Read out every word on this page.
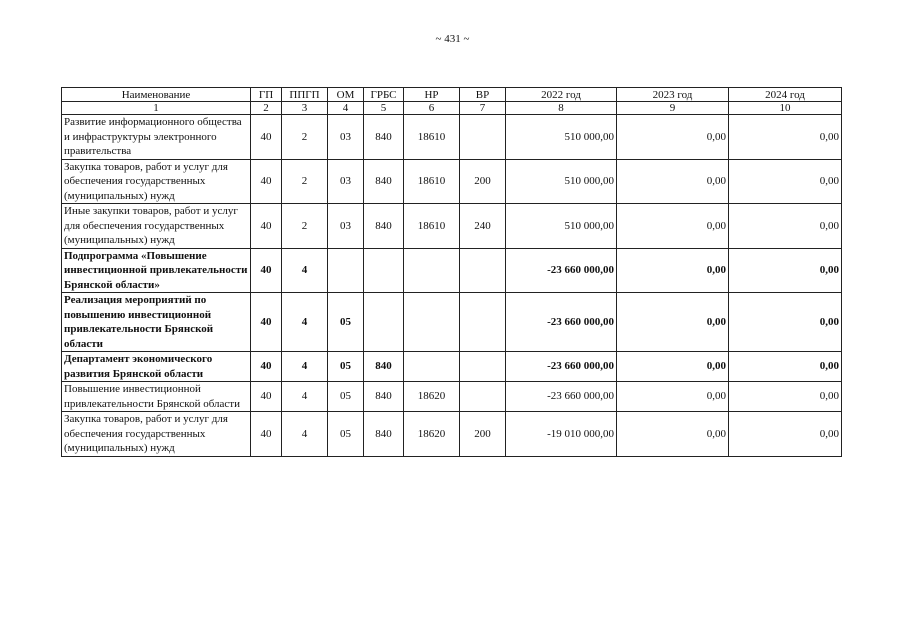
~ 431 ~
Наименование	ГП	ППГП	ОМ	ГРБС	НР	ВР	2022 год	2023 год	2024 год
1	2	3	4	5	6	7	8	9	10
Развитие информационного общества и инфраструктуры электронного правительства	40	2	03	840	18610		510 000,00	0,00	0,00
Закупка товаров, работ и услуг для обеспечения государственных (муниципальных) нужд	40	2	03	840	18610	200	510 000,00	0,00	0,00
Иные закупки товаров, работ и услуг для обеспечения государственных (муниципальных) нужд	40	2	03	840	18610	240	510 000,00	0,00	0,00
Подпрограмма «Повышение инвестиционной привлекательности Брянской области»	40	4					-23 660 000,00	0,00	0,00
Реализация мероприятий по повышению инвестиционной привлекательности Брянской области	40	4	05				-23 660 000,00	0,00	0,00
Департамент экономического развития Брянской области	40	4	05	840			-23 660 000,00	0,00	0,00
Повышение инвестиционной привлекательности Брянской области	40	4	05	840	18620		-23 660 000,00	0,00	0,00
Закупка товаров, работ и услуг для обеспечения государственных (муниципальных) нужд	40	4	05	840	18620	200	-19 010 000,00	0,00	0,00
